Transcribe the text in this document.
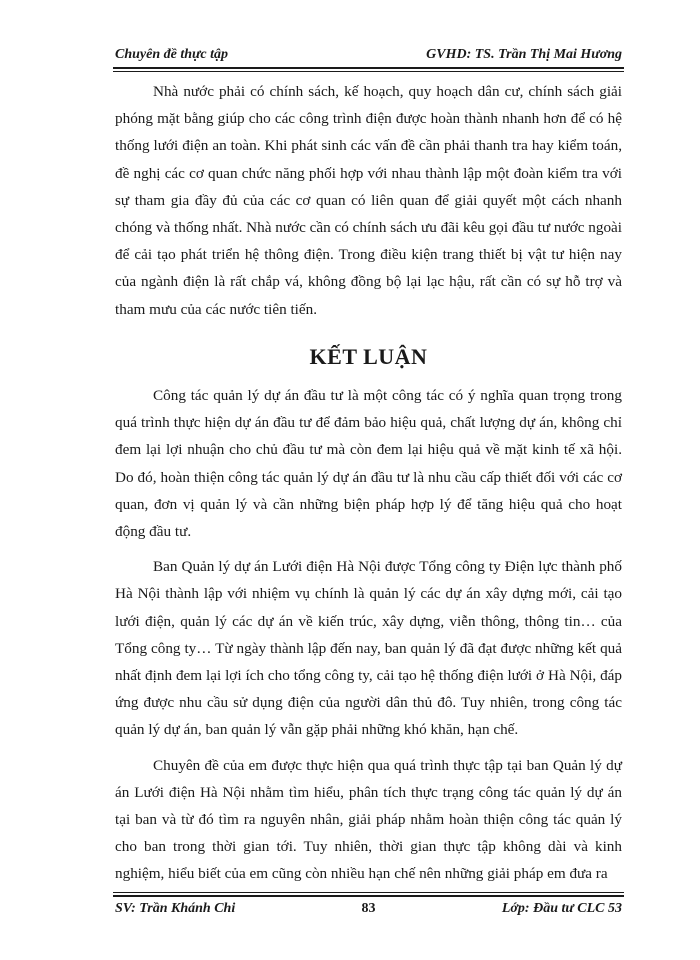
Chuyên đề thực tập	GVHD: TS. Trần Thị Mai Hương

Nhà nước phải có chính sách, kế hoạch, quy hoạch dân cư, chính sách giải phóng mặt bằng giúp cho các công trình điện được hoàn thành nhanh hơn để có hệ thống lưới điện an toàn. Khi phát sinh các vấn đề cần phải thanh tra hay kiểm toán, đề nghị các cơ quan chức năng phối hợp với nhau thành lập một đoàn kiểm tra với sự tham gia đầy đủ của các cơ quan có liên quan để giải quyết một cách nhanh chóng và thống nhất. Nhà nước cần có chính sách ưu đãi kêu gọi đầu tư nước ngoài để cải tạo phát triển hệ thông điện. Trong điều kiện trang thiết bị vật tư hiện nay của ngành điện là rất chắp vá, không đồng bộ lại lạc hậu, rất cần có sự hỗ trợ và tham mưu của các nước tiên tiến.

KẾT LUẬN

Công tác quản lý dự án đầu tư là một công tác có ý nghĩa quan trọng trong quá trình thực hiện dự án đầu tư để đảm bảo hiệu quả, chất lượng dự án, không chỉ đem lại lợi nhuận cho chủ đầu tư mà còn đem lại hiệu quả về mặt kinh tế xã hội. Do đó, hoàn thiện công tác quản lý dự án đầu tư là nhu cầu cấp thiết đối với các cơ quan, đơn vị quản lý và cần những biện pháp hợp lý để tăng hiệu quả cho hoạt động đầu tư.

Ban Quản lý dự án Lưới điện Hà Nội được Tổng công ty Điện lực thành phố Hà Nội thành lập với nhiệm vụ chính là quản lý các dự án xây dựng mới, cải tạo lưới điện, quản lý các dự án về kiến trúc, xây dựng, viễn thông, thông tin… của Tổng công ty… Từ ngày thành lập đến nay, ban quản lý đã đạt được những kết quả nhất định đem lại lợi ích cho tổng công ty, cải tạo hệ thống điện lưới ở Hà Nội, đáp ứng được nhu cầu sử dụng điện của người dân thủ đô. Tuy nhiên, trong công tác quản lý dự án, ban quản lý vẫn gặp phải những khó khăn, hạn chế.

Chuyên đề của em được thực hiện qua quá trình thực tập tại ban Quản lý dự án Lưới điện Hà Nội nhằm tìm hiểu, phân tích thực trạng công tác quản lý dự án tại ban và từ đó tìm ra nguyên nhân, giải pháp nhằm hoàn thiện công tác quản lý cho ban trong thời gian tới. Tuy nhiên, thời gian thực tập không dài và kinh nghiệm, hiểu biết của em cũng còn nhiều hạn chế nên những giải pháp em đưa ra

SV: Trần Khánh Chi	83	Lớp: Đầu tư CLC 53
